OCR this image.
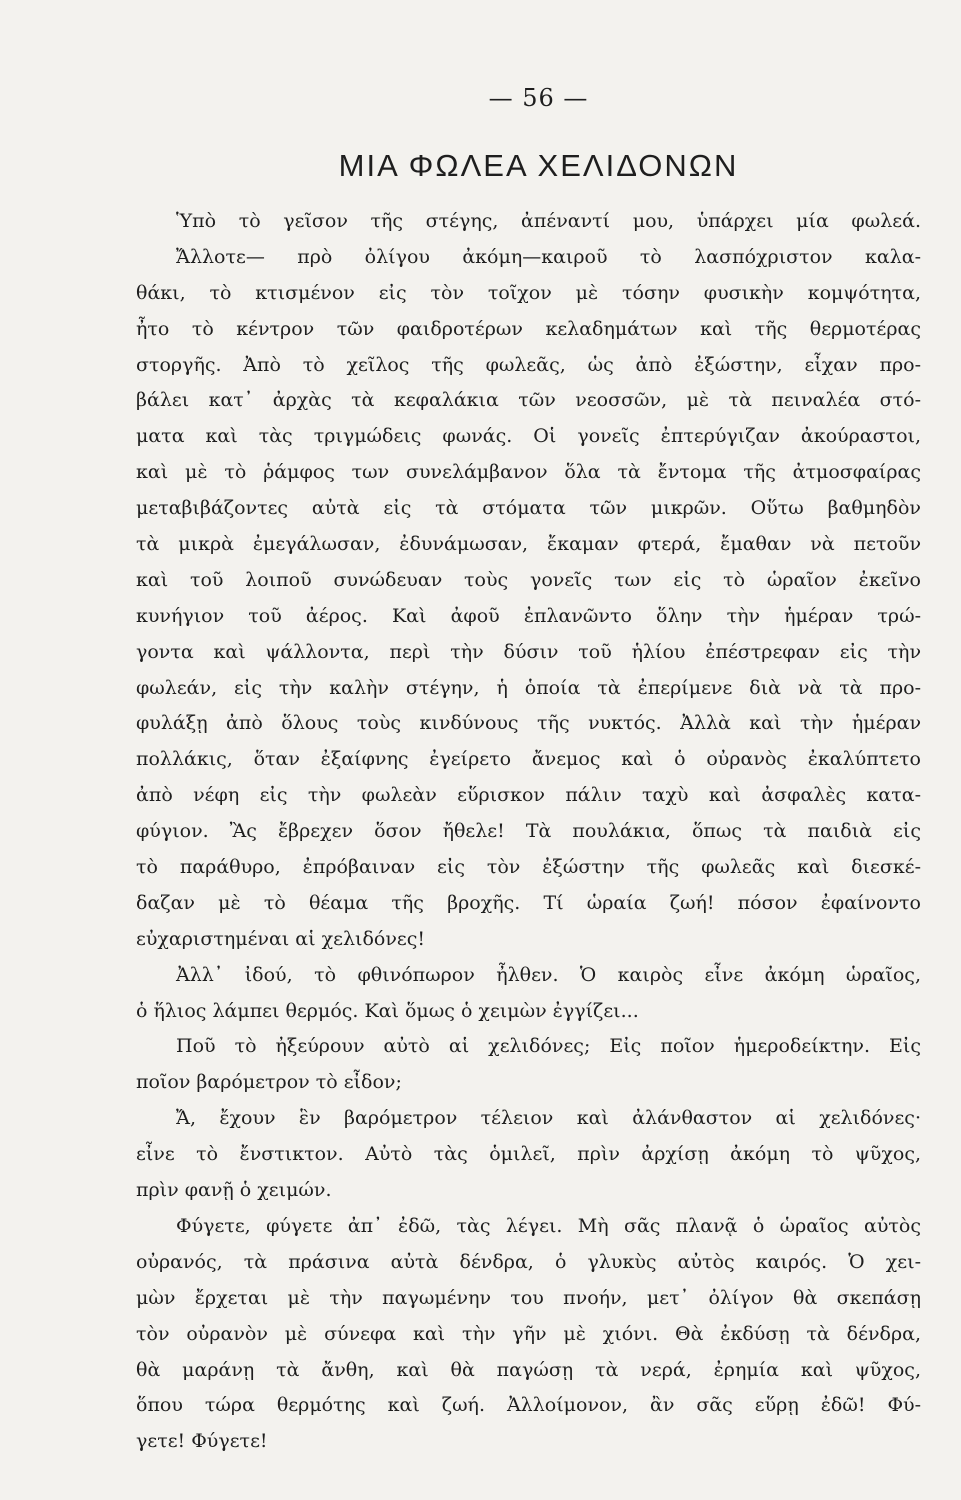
— 56 —
ΜΙΑ ΦΩΛΕΑ ΧΕΛΙΔΟΝΩΝ
Ὑπὸ τὸ γεῖσον τῆς στέγης, ἀπέναντί μου, ὑπάρχει μία φωλεά.
Ἄλλοτε— πρὸ ὀλίγου ἀκόμη—καιροῦ τὸ λασπόχριστον καλα-
θάκι, τὸ κτισμένον εἰς τὸν τοῖχον μὲ τόσην φυσικὴν κομψότητα,
ἦτο τὸ κέντρον τῶν φαιδροτέρων κελαδημάτων καὶ τῆς θερμοτέρας
στοργῆς. Ἀπὸ τὸ χεῖλος τῆς φωλεᾶς, ὡς ἀπὸ ἐξώστην, εἶχαν προ-
βάλει κατ᾽ ἀρχὰς τὰ κεφαλάκια τῶν νεοσσῶν, μὲ τὰ πειναλέα στό-
ματα καὶ τὰς τριγμώδεις φωνάς. Οἱ γονεῖς ἐπτερύγιζαν ἀκούραστοι,
καὶ μὲ τὸ ῥάμφος των συνελάμβανον ὅλα τὰ ἔντομα τῆς ἀτμοσφαίρας
μεταβιβάζοντες αὐτὰ εἰς τὰ στόματα τῶν μικρῶν. Οὕτω βαθμηδὸν
τὰ μικρὰ ἐμεγάλωσαν, ἐδυνάμωσαν, ἔκαμαν φτερά, ἔμαθαν νὰ πετοῦν
καὶ τοῦ λοιποῦ συνώδευαν τοὺς γονεῖς των εἰς τὸ ὡραῖον ἐκεῖνο
κυνήγιον τοῦ ἀέρος. Καὶ ἀφοῦ ἐπλανῶντο ὅλην τὴν ἡμέραν τρώ-
γοντα καὶ ψάλλοντα, περὶ τὴν δύσιν τοῦ ἡλίου ἐπέστρεφαν εἰς τὴν
φωλεάν, εἰς τὴν καλὴν στέγην, ἡ ὁποία τὰ ἐπερίμενε διὰ νὰ τὰ προ-
φυλάξῃ ἀπὸ ὅλους τοὺς κινδύνους τῆς νυκτός. Ἀλλὰ καὶ τὴν ἡμέραν
πολλάκις, ὅταν ἐξαίφνης ἐγείρετο ἄνεμος καὶ ὁ οὐρανὸς ἐκαλύπτετο
ἀπὸ νέφη εἰς τὴν φωλεὰν εὕρισκον πάλιν ταχὺ καὶ ἀσφαλὲς κατα-
φύγιον. Ἂς ἔβρεχεν ὅσον ἤθελε! Τὰ πουλάκια, ὅπως τὰ παιδιὰ εἰς
τὸ παράθυρο, ἐπρόβαιναν εἰς τὸν ἐξώστην τῆς φωλεᾶς καὶ διεσκέ-
δαζαν μὲ τὸ θέαμα τῆς βροχῆς. Τί ὡραία ζωή! πόσον ἐφαίνοντο
εὐχαριστημέναι αἱ χελιδόνες!
Ἀλλ᾽ ἰδού, τὸ φθινόπωρον ἦλθεν. Ὁ καιρὸς εἶνε ἀκόμη ὡραῖος,
ὁ ἥλιος λάμπει θερμός. Καὶ ὅμως ὁ χειμὼν ἐγγίζει...
Ποῦ τὸ ἠξεύρουν αὐτὸ αἱ χελιδόνες; Εἰς ποῖον ἡμεροδείκτην. Εἰς
ποῖον βαρόμετρον τὸ εἶδον;
Ἄ, ἔχουν ἓν βαρόμετρον τέλειον καὶ ἀλάνθαστον αἱ χελιδόνες·
εἶνε τὸ ἔνστικτον. Αὐτὸ τὰς ὁμιλεῖ, πρὶν ἀρχίσῃ ἀκόμη τὸ ψῦχος,
πρὶν φανῇ ὁ χειμών.
Φύγετε, φύγετε ἀπ᾽ ἐδῶ, τὰς λέγει. Μὴ σᾶς πλανᾷ ὁ ὡραῖος αὐτὸς
οὐρανός, τὰ πράσινα αὐτὰ δένδρα, ὁ γλυκὺς αὐτὸς καιρός. Ὁ χει-
μὼν ἔρχεται μὲ τὴν παγωμένην του πνοήν, μετ᾽ ὀλίγον θὰ σκεπάσῃ
τὸν οὐρανὸν μὲ σύνεφα καὶ τὴν γῆν μὲ χιόνι. Θὰ ἐκδύσῃ τὰ δένδρα,
θὰ μαράνῃ τὰ ἄνθη, καὶ θὰ παγώσῃ τὰ νερά, ἐρημία καὶ ψῦχος,
ὅπου τώρα θερμότης καὶ ζωή. Ἀλλοίμονον, ἂν σᾶς εὕρῃ ἐδῶ! Φύ-
γετε! Φύγετε!
